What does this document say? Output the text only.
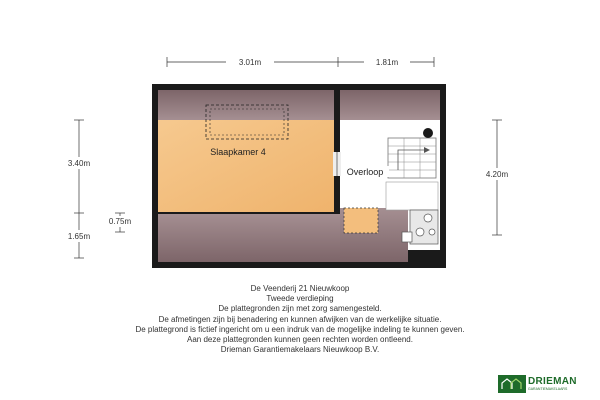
3.01m	1.81m
3.40m
1.65m
0.75m
4.20m
Slaapkamer 4
Overloop
De Veenderij 21 Nieuwkoop
Tweede verdieping
De plattegronden zijn met zorg samengesteld.
De afmetingen zijn bij benadering en kunnen afwijken van de werkelijke situatie.
De plattegrond is fictief ingericht om u een indruk van de mogelijke indeling te kunnen geven.
Aan deze plattegronden kunnen geen rechten worden ontleend.
Drieman Garantiemakelaars Nieuwkoop B.V.
DRIEMAN
GARANTIEMAKELAARS
